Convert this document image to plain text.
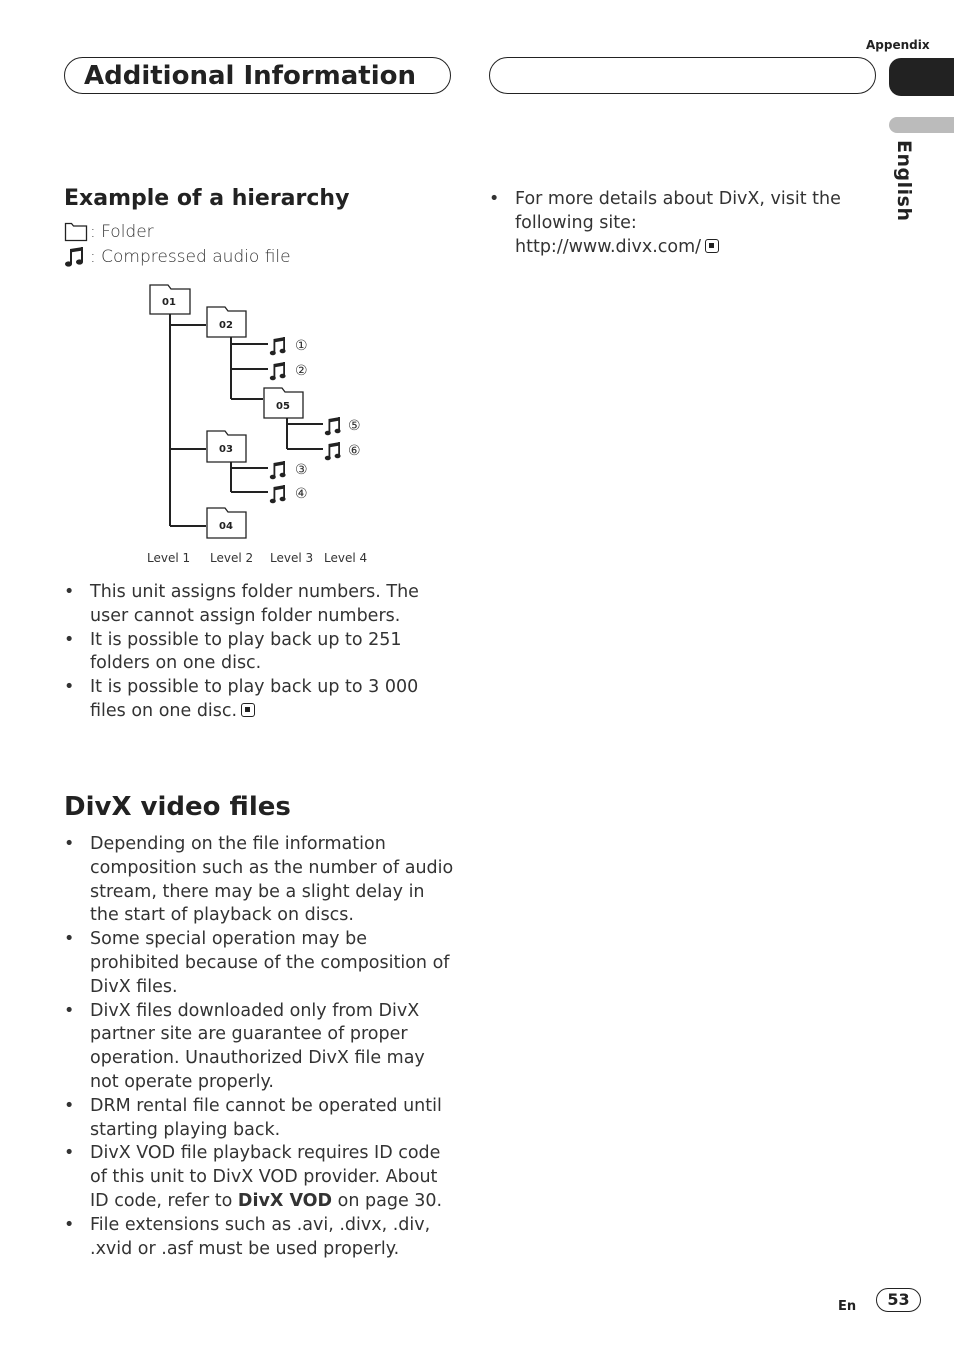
Appendix
Additional Information
English
Example of a hierarchy
: Folder
: Compressed audio file
01
02
05
03
04
①
②
⑤
⑥
③
④
Level 1 Level 2 Level 3 Level 4
• This unit assigns folder numbers. The user cannot assign folder numbers.
• It is possible to play back up to 251 folders on one disc.
• It is possible to play back up to 3 000 files on one disc.
DivX video files
• Depending on the file information composition such as the number of audio stream, there may be a slight delay in the start of playback on discs.
• Some special operation may be prohibited because of the composition of DivX files.
• DivX files downloaded only from DivX partner site are guarantee of proper operation. Unauthorized DivX file may not operate properly.
• DRM rental file cannot be operated until starting playing back.
• DivX VOD file playback requires ID code of this unit to DivX VOD provider. About ID code, refer to DivX VOD on page 30.
• File extensions such as .avi, .divx, .div, .xvid or .asf must be used properly.
• For more details about DivX, visit the following site:
http://www.divx.com/
En	53
